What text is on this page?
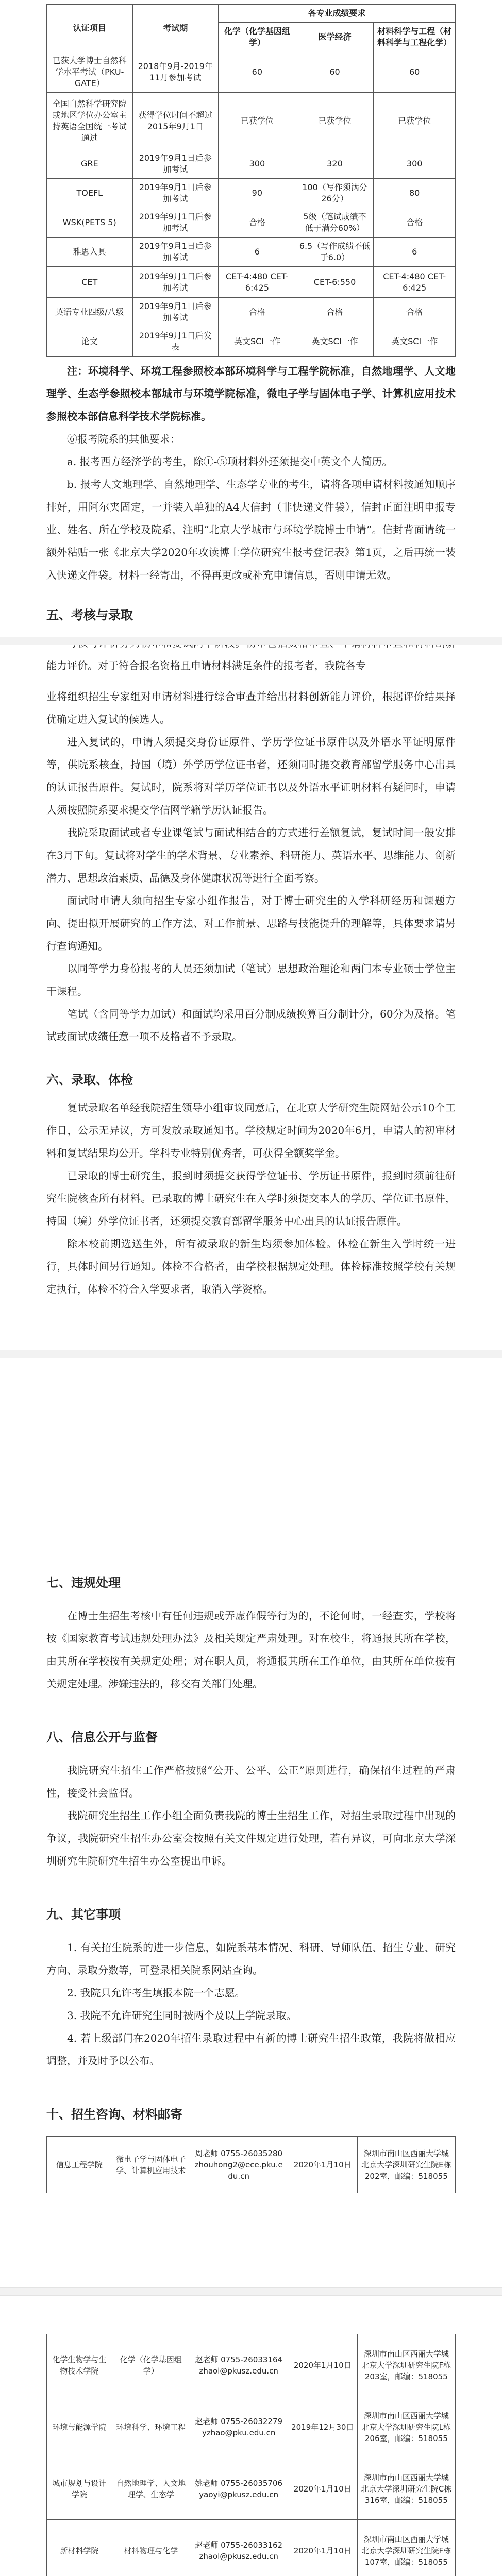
认证项目	考试期	各专业成绩要求		
		化学（化学基因组学）	医学经济	材料科学与工程（材料科学与工程化学）
已获大学博士自然科学水平考试（PKU-GATE）	2018年9月-2019年11月参加考试	60	60	60
全国自然科学研究院或地区学位办公室主持英语全国统一考试通过	获得学位时间不超过2015年9月1日	已获学位	已获学位	已获学位
GRE	2019年9月1日后参加考试	300	320	300
TOEFL	2019年9月1日后参加考试	90	100（写作须满分26分）	80
WSK(PETS 5)	2019年9月1日后参加考试	合格	5级（笔试成绩不低于满分60%）	合格
雅思入具	2019年9月1日后参加考试	6	6.5（写作成绩不低于6.0）	6
CET	2019年9月1日后参加考试	CET-4:480 CET-6:425	CET-6:550	CET-4:480 CET-6:425
英语专业四级/八级	2019年9月1日后参加考试	合格	合格	合格
论文	2019年9月1日后发表	英文SCI一作	英文SCI一作	英文SCI一作

注：环境科学、环境工程参照校本部环境科学与工程学院标准，自然地理学、人文地理学、生态学参照校本部城市与环境学院标准，微电子学与固体电子学、计算机应用技术参照校本部信息科学技术学院标准。

⑥报考院系的其他要求：

a. 报考西方经济学的考生，除①-⑤项材料外还须提交中英文个人简历。

b. 报考人文地理学、自然地理学、生态学专业的考生，请将各项申请材料按通知顺序排好，用阿尔夹固定，一并装入单独的A4大信封（非快递文件袋），信封正面注明申报专业、姓名、所在学校及院系，注明“北京大学城市与环境学院博士申请”。信封背面请统一额外粘贴一张《北京大学2020年攻读博士学位研究生报考登记表》第1页，之后再统一装入快递文件袋。材料一经寄出，不得再更改或补充申请信息，否则申请无效。

五、考核与录取

能力评价。对于符合报名资格且申请材料满足条件的报考者，我院各专

业将组织招生专家组对申请材料进行综合审查并给出材料创新能力评价，根据评价结果择优确定进入复试的候选人。

进入复试的，申请人须提交身份证原件、学历学位证书原件以及外语水平证明原件等，供院系核查，持国（境）外学历学位证书者，还须同时提交教育部留学服务中心出具的认证报告原件。复试时，院系将对学历学位证书以及外语水平证明材料有疑问时，申请人须按照院系要求提交学信网学籍学历认证报告。

我院采取面试或者专业课笔试与面试相结合的方式进行差额复试，复试时间一般安排在3月下旬。复试将对学生的学术背景、专业素养、科研能力、英语水平、思维能力、创新潜力、思想政治素质、品德及身体健康状况等进行全面考察。

面试时申请人须向招生专家小组作报告，对于博士研究生的入学科研经历和课题方向、提出拟开展研究的工作方法、对工作前景、思路与技能提升的理解等，具体要求请另行查询通知。

以同等学力身份报考的人员还须加试（笔试）思想政治理论和两门本专业硕士学位主干课程。

笔试（含同等学力加试）和面试均采用百分制成绩换算百分制计分，60分为及格。笔试或面试成绩任意一项不及格者不予录取。

六、录取、体检

复试录取名单经我院招生领导小组审议同意后，在北京大学研究生院网站公示10个工作日，公示无异议，方可发放录取通知书。学校规定时间为2020年6月，申请人的初审材料和复试结果均公开。学科专业特别优秀者，可获得全额奖学金。

已录取的博士研究生，报到时须提交获得学位证书、学历证书原件，报到时须前往研究生院核查所有材料。已录取的博士研究生在入学时须提交本人的学历、学位证书原件，持国（境）外学位证书者，还须提交教育部留学服务中心出具的认证报告原件。

除本校前期选送生外，所有被录取的新生均须参加体检。体检在新生入学时统一进行，具体时间另行通知。体检不合格者，由学校根据规定处理。体检标准按照学校有关规定执行，体检不符合入学要求者，取消入学资格。

七、违规处理

在博士生招生考核中有任何违规或弄虚作假等行为的，不论何时，一经查实，学校将按《国家教育考试违规处理办法》及相关规定严肃处理。对在校生，将通报其所在学校，由其所在学校按有关规定处理；对在职人员，将通报其所在工作单位，由其所在单位按有关规定处理。涉嫌违法的，移交有关部门处理。

八、信息公开与监督

我院研究生招生工作严格按照“公开、公平、公正”原则进行，确保招生过程的严肃性，接受社会监督。

我院研究生招生工作小组全面负责我院的博士生招生工作，对招生录取过程中出现的争议，我院研究生招生办公室会按照有关文件规定进行处理，若有异议，可向北京大学深圳研究生院研究生招生办公室提出申诉。

九、其它事项

1. 有关招生院系的进一步信息，如院系基本情况、科研、导师队伍、招生专业、研究方向、录取分数等，可登录相关院系网站查询。

2. 我院只允许考生填报本院一个志愿。

3. 我院不允许研究生同时被两个及以上学院录取。

4. 若上级部门在2020年招生录取过程中有新的博士研究生招生政策，我院将做相应调整，并及时予以公布。

十、招生咨询、材料邮寄
信息工程学院	微电子学与固体电子学、计算机应用技术	周老师 0755-26035280 zhouhong2@ece.pku.edu.cn	2020年1月10日	深圳市南山区西丽大学城北京大学深圳研究生院E栋202室，邮编：518055
化学生物学与生物技术学院	化学（化学基因组学）	赵老师 0755-26033164 zhaol@pkusz.edu.cn	2020年1月10日	深圳市南山区西丽大学城北京大学深圳研究生院F栋203室，邮编：518055
环境与能源学院	环境科学、环境工程	赵老师 0755-26032279 yzhao@pku.edu.cn	2019年12月30日	深圳市南山区西丽大学城北京大学深圳研究生院L栋206室，邮编：518055
城市规划与设计学院	自然地理学、人文地理学、生态学	姚老师 0755-26035706 yaoyi@pkusz.edu.cn	2020年1月10日	深圳市南山区西丽大学城北京大学深圳研究生院C栋316室，邮编：518055
新材料学院	材料物理与化学	赵老师 0755-26033162 zhaol@pkusz.edu.cn	2020年1月10日	深圳市南山区西丽大学城北京大学深圳研究生院F栋107室，邮编：518055
